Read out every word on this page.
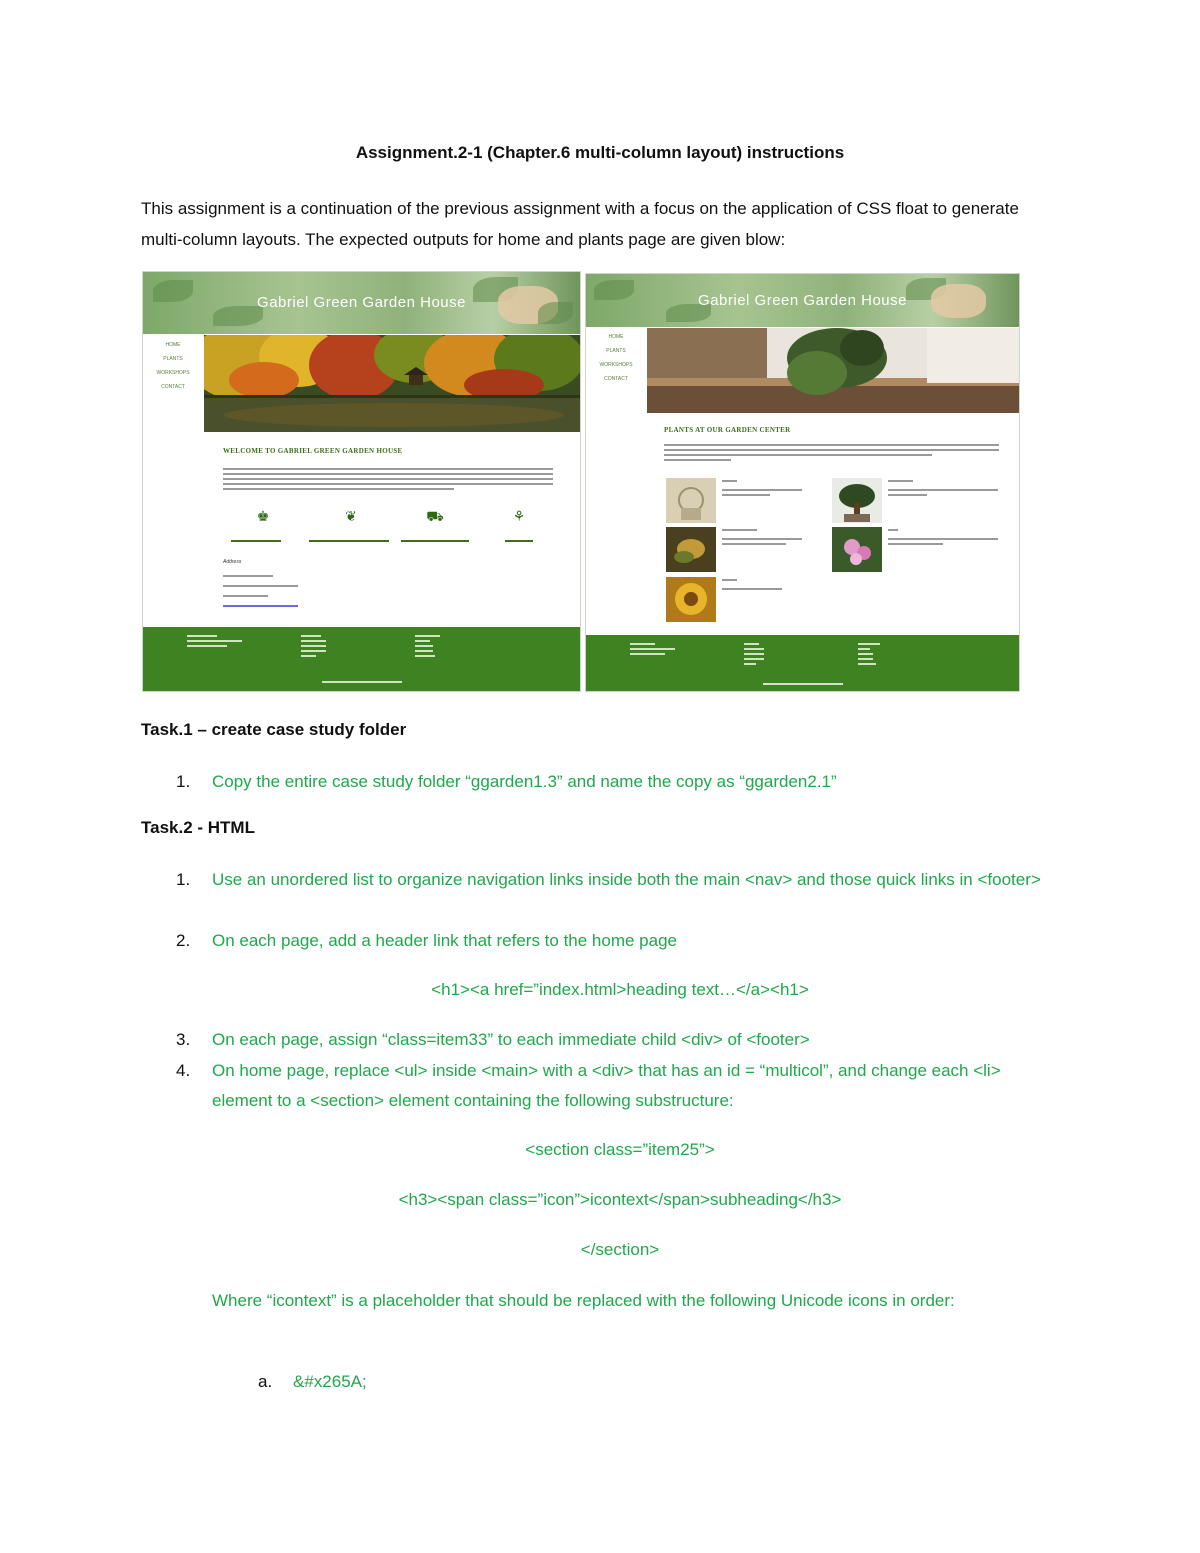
Assignment.2-1 (Chapter.6 multi-column layout) instructions
This assignment is a continuation of the previous assignment with a focus on the application of CSS float to generate multi-column layouts. The expected outputs for home and plants page are given blow:
Gabriel Green Garden House
HOME
PLANTS
WORKSHOPS
CONTACT
WELCOME TO GABRIEL GREEN GARDEN HOUSE
♚	❦	⛟	⚘
Address
Gabriel Green Garden House
HOME
PLANTS
WORKSHOPS
CONTACT
PLANTS AT OUR GARDEN CENTER
Task.1 – create case study folder
1. Copy the entire case study folder “ggarden1.3” and name the copy as “ggarden2.1”
Task.2 - HTML
1. Use an unordered list to organize navigation links inside both the main <nav> and those quick links in <footer>
2. On each page, add a header link that refers to the home page
<h1><a href=”index.html>heading text…</a><h1>
3. On each page, assign “class=item33” to each immediate child <div> of <footer>
4. On home page, replace <ul> inside <main> with a <div> that has an id = “multicol”, and change each <li> element to a <section> element containing the following substructure:
<section class=”item25”>
<h3><span class=”icon”>icontext</span>subheading</h3>
</section>
Where “icontext” is a placeholder that should be replaced with the following Unicode icons in order:
a. &#x265A;
